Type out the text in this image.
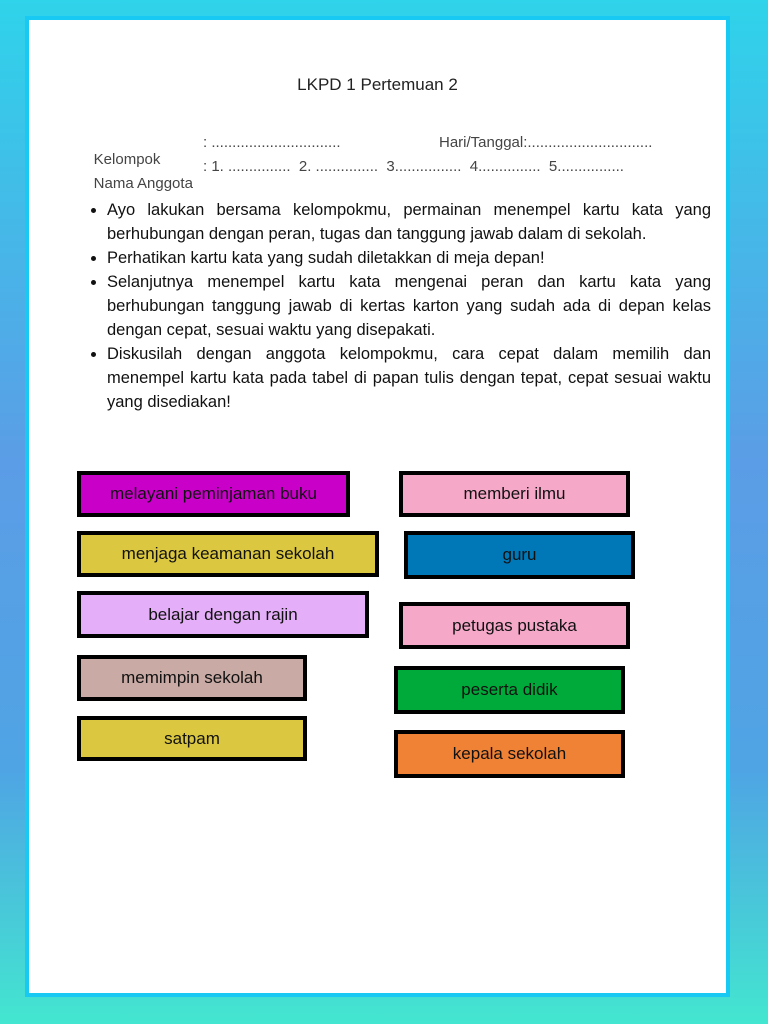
LKPD 1 Pertemuan 2

Kelompok

: ...............................

	Hari/Tanggal:..............................

Nama Anggota

: 1. ...............  2. ...............  3................  4...............  5................

• Ayo lakukan bersama kelompokmu, permainan menempel kartu kata yang berhubungan dengan peran, tugas dan tanggung jawab dalam di sekolah.
• Perhatikan kartu kata yang sudah diletakkan di meja depan!
• Selanjutnya menempel kartu kata mengenai peran dan kartu kata yang berhubungan tanggung jawab di kertas karton yang sudah ada di depan kelas dengan cepat, sesuai waktu yang disepakati.
• Diskusilah dengan anggota kelompokmu, cara cepat dalam memilih dan menempel kartu kata pada tabel di papan tulis dengan tepat, cepat sesuai waktu yang disediakan!
melayani peminjaman buku	memberi ilmu
menjaga keamanan sekolah	guru
belajar dengan rajin
petugas pustaka
memimpin sekolah
peserta didik
satpam
kepala sekolah
